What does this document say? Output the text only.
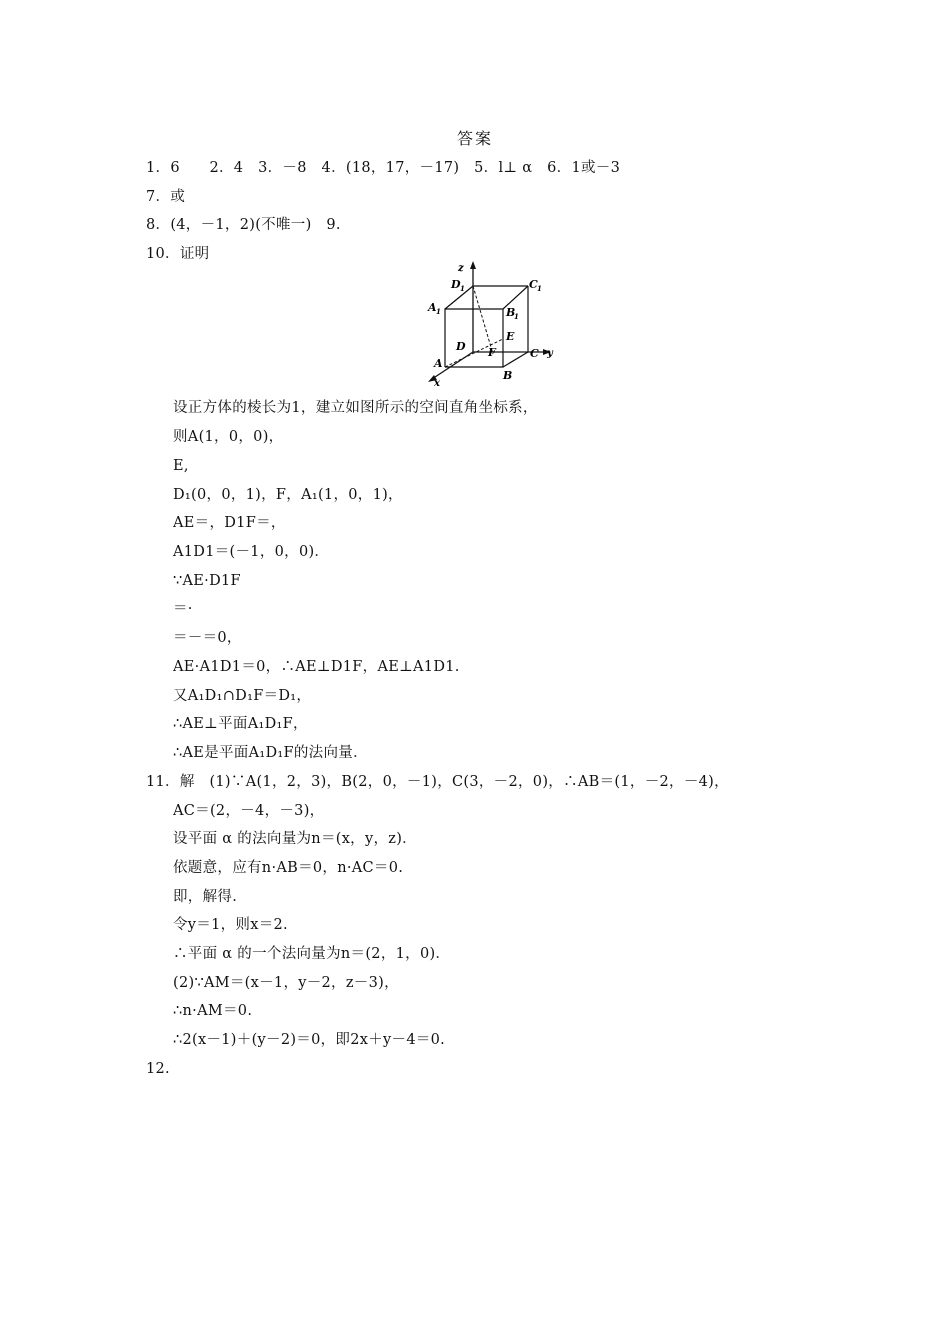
答案
1．6　　2．4　3．－8　4．(18，17，－17)　5．l⊥ α　6．1或－3
7．或
8．(4，－1，2)(不唯一)　9.
10．证明
z
y
x
D 1	C 1
A 1	B
1
E
D F	C
A
B
设正方体的棱长为1，建立如图所示的空间直角坐标系，
则A(1，0，0)，
E,
D₁(0，0，1)，F，A₁(1，0，1)，
AE＝，D1F＝，
A1D1＝(－1，0，0)．
∵AE·D1F
＝·
＝－＝0，
AE·A1D1＝0，∴AE⊥D1F，AE⊥A1D1.
又A₁D₁∩D₁F＝D₁，
∴AE⊥平面A₁D₁F，
∴AE是平面A₁D₁F的法向量．
11．解　(1)∵A(1，2，3)，B(2，0，－1)，C(3，－2，0)，∴AB＝(1，－2，－4)，
AC＝(2，－4，－3)，
设平面 α 的法向量为n＝(x，y，z)．
依题意，应有n·AB＝0，n·AC＝0.
即，解得.
令y＝1，则x＝2.
∴平面 α 的一个法向量为n＝(2，1，0)．
(2)∵AM＝(x－1，y－2，z－3)，
∴n·AM＝0.
∴2(x－1)＋(y－2)＝0，即2x＋y－4＝0.
12.
